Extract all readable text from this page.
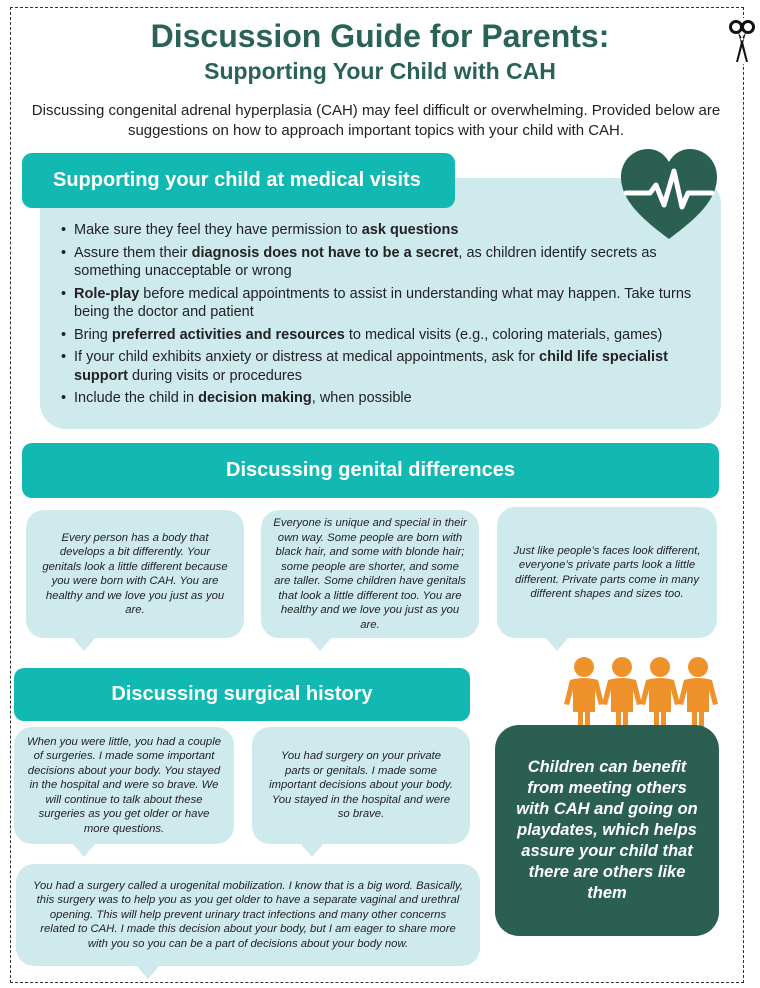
Discussion Guide for Parents:
Supporting Your Child with CAH
Discussing congenital adrenal hyperplasia (CAH) may feel difficult or overwhelming. Provided below are suggestions on how to approach important topics with your child with CAH.
Supporting your child at medical visits
• Make sure they feel they have permission to ask questions
• Assure them their diagnosis does not have to be a secret, as children identify secrets as something unacceptable or wrong
• Role-play before medical appointments to assist in understanding what may happen. Take turns being the doctor and patient
• Bring preferred activities and resources to medical visits (e.g., coloring materials, games)
• If your child exhibits anxiety or distress at medical appointments, ask for child life specialist support during visits or procedures
• Include the child in decision making, when possible
Discussing genital differences
Every person has a body that develops a bit differently. Your genitals look a little different because you were born with CAH. You are healthy and we love you just as you are.
Everyone is unique and special in their own way. Some people are born with black hair, and some with blonde hair; some people are shorter, and some are taller. Some children have genitals that look a little different too. You are healthy and we love you just as you are.
Just like people’s faces look different, everyone’s private parts look a little different. Private parts come in many different shapes and sizes too.
Discussing surgical history
When you were little, you had a couple of surgeries. I made some important decisions about your body. You stayed in the hospital and were so brave. We will continue to talk about these surgeries as you get older or have more questions.
You had surgery on your private parts or genitals. I made some important decisions about your body. You stayed in the hospital and were so brave.
You had a surgery called a urogenital mobilization. I know that is a big word. Basically, this surgery was to help you as you get older to have a separate vaginal and urethral opening. This will help prevent urinary tract infections and many other concerns related to CAH. I made this decision about your body, but I am eager to share more with you so you can be a part of decisions about your body now.
Children can benefit from meeting others with CAH and going on playdates, which helps assure your child that there are others like them
